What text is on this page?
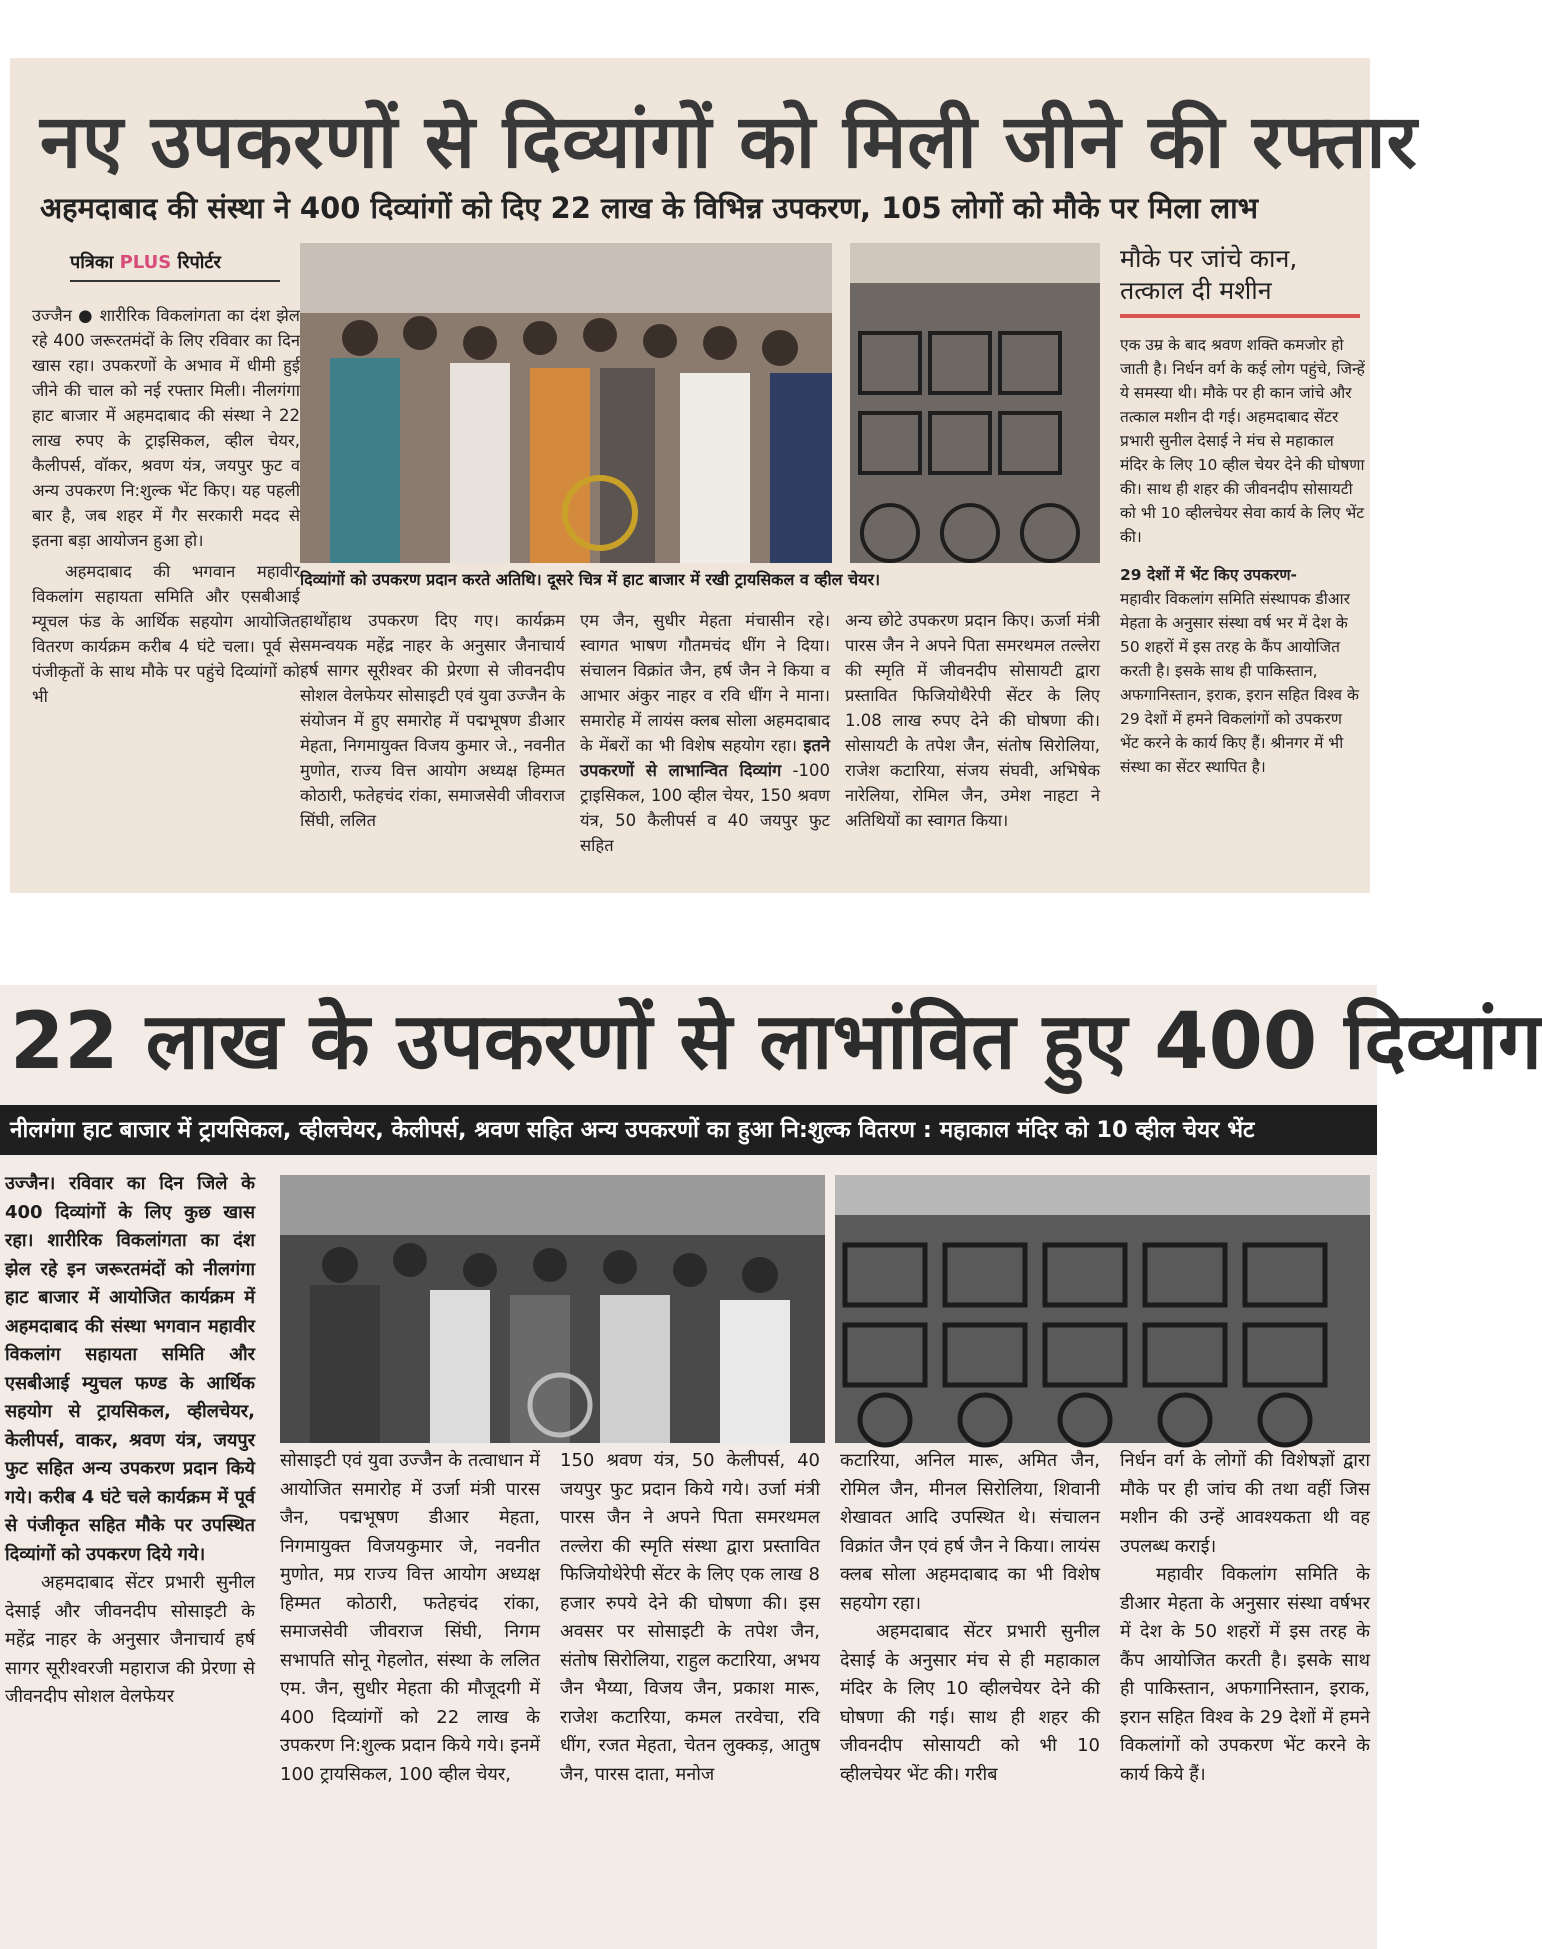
नए उपकरणों से दिव्यांगों को मिली जीने की रफ्तार
अहमदाबाद की संस्था ने 400 दिव्यांगों को दिए 22 लाख के विभिन्न उपकरण, 105 लोगों को मौके पर मिला लाभ
पत्रिका PLUS रिपोर्टर

उज्जैन ● शारीरिक विकलांगता का दंश झेल रहे 400 जरूरतमंदों के लिए रविवार का दिन खास रहा। उपकरणों के अभाव में धीमी हुई जीने की चाल को नई रफ्तार मिली। नीलगंगा हाट बाजार में अहमदाबाद की संस्था ने 22 लाख रुपए के ट्राइसिकल, व्हील चेयर, कैलीपर्स, वॉकर, श्रवण यंत्र, जयपुर फुट व अन्य उपकरण नि:शुल्क भेंट किए। यह पहली बार है, जब शहर में गैर सरकारी मदद से इतना बड़ा आयोजन हुआ हो।

अहमदाबाद की भगवान महावीर विकलांग सहायता समिति और एसबीआई म्यूचल फंड के आर्थिक सहयोग आयोजित वितरण कार्यक्रम करीब 4 घंटे चला। पूर्व से पंजीकृतों के साथ मौके पर पहुंचे दिव्यांगों को भी

दिव्यांगों को उपकरण प्रदान करते अतिथि। दूसरे चित्र में हाट बाजार में रखी ट्रायसिकल व व्हील चेयर।
हाथोंहाथ उपकरण दिए गए। कार्यक्रम समन्वयक महेंद्र नाहर के अनुसार जैनाचार्य हर्ष सागर सूरीश्वर की प्रेरणा से जीवनदीप सोशल वेलफेयर सोसाइटी एवं युवा उज्जैन के संयोजन में हुए समारोह में पद्मभूषण डीआर मेहता, निगमायुक्त विजय कुमार जे., नवनीत मुणोत, राज्य वित्त आयोग अध्यक्ष हिम्मत कोठारी, फतेहचंद रांका, समाजसेवी जीवराज सिंघी, ललित
एम जैन, सुधीर मेहता मंचासीन रहे। स्वागत भाषण गौतमचंद धींग ने दिया। संचालन विक्रांत जैन, हर्ष जैन ने किया व आभार अंकुर नाहर व रवि धींग ने माना। समारोह में लायंस क्लब सोला अहमदाबाद के मेंबरों का भी विशेष सहयोग रहा। इतने उपकरणों से लाभान्वित दिव्यांग -100 ट्राइसिकल, 100 व्हील चेयर, 150 श्रवण यंत्र, 50 कैलीपर्स व 40 जयपुर फुट सहित
अन्य छोटे उपकरण प्रदान किए। ऊर्जा मंत्री पारस जैन ने अपने पिता समरथमल तल्लेरा की स्मृति में जीवनदीप सोसायटी द्वारा प्रस्तावित फिजियोथैरेपी सेंटर के लिए 1.08 लाख रुपए देने की घोषणा की। सोसायटी के तपेश जैन, संतोष सिरोलिया, राजेश कटारिया, संजय संघवी, अभिषेक नारेलिया, रोमिल जैन, उमेश नाहटा ने अतिथियों का स्वागत किया।
मौके पर जांचे कान,
तत्काल दी मशीन

एक उम्र के बाद श्रवण शक्ति कमजोर हो जाती है। निर्धन वर्ग के कई लोग पहुंचे, जिन्हें ये समस्या थी। मौके पर ही कान जांचे और तत्काल मशीन दी गई। अहमदाबाद सेंटर प्रभारी सुनील देसाई ने मंच से महाकाल मंदिर के लिए 10 व्हील चेयर देने की घोषणा की। साथ ही शहर की जीवनदीप सोसायटी को भी 10 व्हीलचेयर सेवा कार्य के लिए भेंट की।

29 देशों में भेंट किए उपकरण-

महावीर विकलांग समिति संस्थापक डीआर मेहता के अनुसार संस्था वर्ष भर में देश के 50 शहरों में इस तरह के कैंप आयोजित करती है। इसके साथ ही पाकिस्तान, अफगानिस्तान, इराक, इरान सहित विश्व के 29 देशों में हमने विकलांगों को उपकरण भेंट करने के कार्य किए हैं। श्रीनगर में भी संस्था का सेंटर स्थापित है।

22 लाख के उपकरणों से लाभांवित हुए 400 दिव्यांग
नीलगंगा हाट बाजार में ट्रायसिकल, व्हीलचेयर, केलीपर्स, श्रवण सहित अन्य उपकरणों का हुआ नि:शुल्क वितरण : महाकाल मंदिर को 10 व्हील चेयर भेंट

उज्जैन। रविवार का दिन जिले के 400 दिव्यांगों के लिए कुछ खास रहा। शारीरिक विकलांगता का दंश झेल रहे इन जरूरतमंदों को नीलगंगा हाट बाजार में आयोजित कार्यक्रम में अहमदाबाद की संस्था भगवान महावीर विकलांग सहायता समिति और एसबीआई म्युचल फण्ड के आर्थिक सहयोग से ट्रायसिकल, व्हीलचेयर, केलीपर्स, वाकर, श्रवण यंत्र, जयपुर फुट सहित अन्य उपकरण प्रदान किये गये। करीब 4 घंटे चले कार्यक्रम में पूर्व से पंजीकृत सहित मौके पर उपस्थित दिव्यांगों को उपकरण दिये गये।

अहमदाबाद सेंटर प्रभारी सुनील देसाई और जीवनदीप सोसाइटी के महेंद्र नाहर के अनुसार जैनाचार्य हर्ष सागर सूरीश्वरजी महाराज की प्रेरणा से जीवनदीप सोशल वेलफेयर

सोसाइटी एवं युवा उज्जैन के तत्वाधान में आयोजित समारोह में उर्जा मंत्री पारस जैन, पद्मभूषण डीआर मेहता, निगमायुक्त विजयकुमार जे, नवनीत मुणोत, मप्र राज्य वित्त आयोग अध्यक्ष हिम्मत कोठारी, फतेहचंद रांका, समाजसेवी जीवराज सिंघी, निगम सभापति सोनू गेहलोत, संस्था के ललित एम. जैन, सुधीर मेहता की मौजूदगी में 400 दिव्यांगों को 22 लाख के उपकरण नि:शुल्क प्रदान किये गये। इनमें 100 ट्रायसिकल, 100 व्हील चेयर,
150 श्रवण यंत्र, 50 केलीपर्स, 40 जयपुर फुट प्रदान किये गये। उर्जा मंत्री पारस जैन ने अपने पिता समरथमल तल्लेरा की स्मृति संस्था द्वारा प्रस्तावित फिजियोथेरेपी सेंटर के लिए एक लाख 8 हजार रुपये देने की घोषणा की। इस अवसर पर सोसाइटी के तपेश जैन, संतोष सिरोलिया, राहुल कटारिया, अभय जैन भैय्या, विजय जैन, प्रकाश मारू, राजेश कटारिया, कमल तरवेचा, रवि धींग, रजत मेहता, चेतन लुक्कड़, आतुष जैन, पारस दाता, मनोज

कटारिया, अनिल मारू, अमित जैन, रोमिल जैन, मीनल सिरोलिया, शिवानी शेखावत आदि उपस्थित थे। संचालन विक्रांत जैन एवं हर्ष जैन ने किया। लायंस क्लब सोला अहमदाबाद का भी विशेष सहयोग रहा।

अहमदाबाद सेंटर प्रभारी सुनील देसाई के अनुसार मंच से ही महाकाल मंदिर के लिए 10 व्हीलचेयर देने की घोषणा की गई। साथ ही शहर की जीवनदीप सोसायटी को भी 10 व्हीलचेयर भेंट की। गरीब

निर्धन वर्ग के लोगों की विशेषज्ञों द्वारा मौके पर ही जांच की तथा वहीं जिस मशीन की उन्हें आवश्यकता थी वह उपलब्ध कराई।

महावीर विकलांग समिति के डीआर मेहता के अनुसार संस्था वर्षभर में देश के 50 शहरों में इस तरह के कैंप आयोजित करती है। इसके साथ ही पाकिस्तान, अफगानिस्तान, इराक, इरान सहित विश्व के 29 देशों में हमने विकलांगों को उपकरण भेंट करने के कार्य किये हैं।
